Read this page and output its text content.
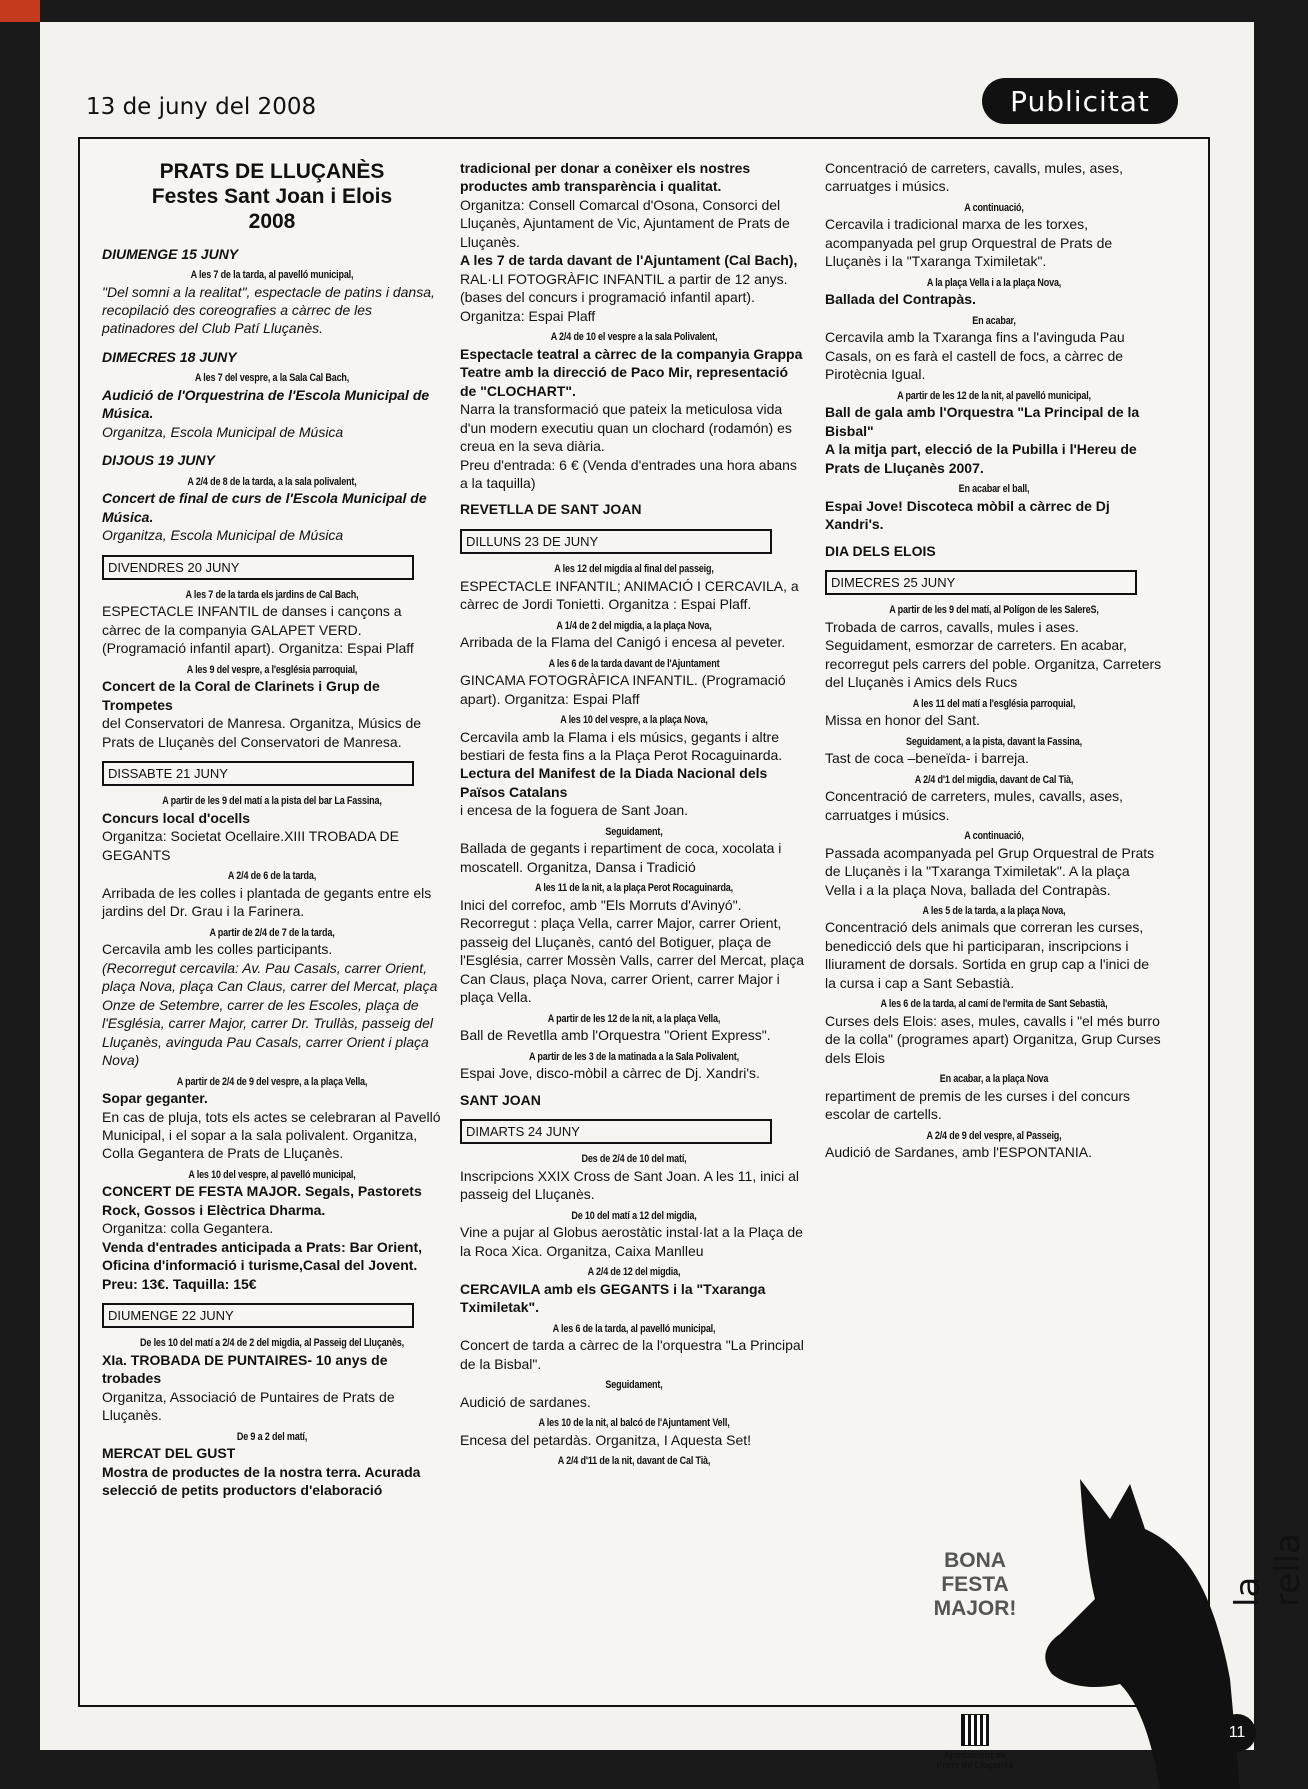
13 de juny del 2008	Publicitat

PRATS DE LLUÇANÈS
Festes Sant Joan i Elois
2008

DIUMENGE 15 JUNY

A les 7 de la tarda, al pavelló municipal,

"Del somni a la realitat", espectacle de patins i dansa, recopilació des coreografies a càrrec de les patinadores del Club Patí Lluçanès.

DIMECRES 18 JUNY

A les 7 del vespre, a la Sala Cal Bach,

Audició de l'Orquestrina de l'Escola Municipal de Música.

Organitza, Escola Municipal de Música

DIJOUS 19 JUNY

A 2/4 de 8 de la tarda, a la sala polivalent,

Concert de final de curs de l'Escola Municipal de Música.

Organitza, Escola Municipal de Música

DIVENDRES 20 JUNY

A les 7 de la tarda els jardins de Cal Bach,

ESPECTACLE INFANTIL de danses i cançons a càrrec de la companyia GALAPET VERD. (Programació infantil apart). Organitza: Espai Plaff

A les 9 del vespre, a l'església parroquial,

Concert de la Coral de Clarinets i Grup de Trompetes

del Conservatori de Manresa. Organitza, Músics de Prats de Lluçanès del Conservatori de Manresa.

DISSABTE 21 JUNY

A partir de les 9 del matí a la pista del bar La Fassina,

Concurs local d'ocells

Organitza: Societat Ocellaire.XIII TROBADA DE GEGANTS

A 2/4 de 6 de la tarda,

Arribada de les colles i plantada de gegants entre els jardins del Dr. Grau i la Farinera.

A partir de 2/4 de 7 de la tarda,

Cercavila amb les colles participants.

(Recorregut cercavila: Av. Pau Casals, carrer Orient, plaça Nova, plaça Can Claus, carrer del Mercat, plaça Onze de Setembre, carrer de les Escoles, plaça de l'Església, carrer Major, carrer Dr. Trullàs, passeig del Lluçanès, avinguda Pau Casals, carrer Orient i plaça Nova)

A partir de 2/4 de 9 del vespre, a la plaça Vella,

Sopar geganter.

En cas de pluja, tots els actes se celebraran al Pavelló Municipal, i el sopar a la sala polivalent. Organitza, Colla Gegantera de Prats de Lluçanès.

A les 10 del vespre, al pavelló municipal,

CONCERT DE FESTA MAJOR. Segals, Pastorets Rock, Gossos i Elèctrica Dharma.

Organitza: colla Gegantera.

Venda d'entrades anticipada a Prats: Bar Orient, Oficina d'informació i turisme,Casal del Jovent. Preu: 13€. Taquilla: 15€

DIUMENGE 22 JUNY

De les 10 del matí a 2/4 de 2 del migdia, al Passeig del Lluçanès,

XIa. TROBADA DE PUNTAIRES- 10 anys de trobades

Organitza, Associació de Puntaires de Prats de Lluçanès.

De 9 a 2 del matí,

MERCAT DEL GUST

Mostra de productes de la nostra terra. Acurada selecció de petits productors d'elaboració

tradicional per donar a conèixer els nostres productes amb transparència i qualitat.

Organitza: Consell Comarcal d'Osona, Consorci del Lluçanès, Ajuntament de Vic, Ajuntament de Prats de Lluçanès.

A les 7 de tarda davant de l'Ajuntament (Cal Bach),

RAL·LI FOTOGRÀFIC INFANTIL a partir de 12 anys. (bases del concurs i programació infantil apart). Organitza: Espai Plaff

A 2/4 de 10 el vespre a la sala Polivalent,

Espectacle teatral a càrrec de la companyia Grappa Teatre amb la direcció de Paco Mir, representació de "CLOCHART".

Narra la transformació que pateix la meticulosa vida d'un modern executiu quan un clochard (rodamón) es creua en la seva diària.

Preu d'entrada: 6 € (Venda d'entrades una hora abans a la taquilla)

REVETLLA DE SANT JOAN

DILLUNS 23 DE JUNY

A les 12 del migdia al final del passeig,

ESPECTACLE INFANTIL; ANIMACIÓ I CERCAVILA, a càrrec de Jordi Tonietti. Organitza : Espai Plaff.

A 1/4 de 2 del migdia, a la plaça Nova,

Arribada de la Flama del Canigó i encesa al peveter.

A les 6 de la tarda davant de l'Ajuntament

GINCAMA FOTOGRÀFICA INFANTIL. (Programació apart). Organitza: Espai Plaff

A les 10 del vespre, a la plaça Nova,

Cercavila amb la Flama i els músics, gegants i altre bestiari de festa fins a la Plaça Perot Rocaguinarda.

Lectura del Manifest de la Diada Nacional dels Països Catalans

i encesa de la foguera de Sant Joan.

Seguidament,

Ballada de gegants i repartiment de coca, xocolata i moscatell. Organitza, Dansa i Tradició

A les 11 de la nit, a la plaça Perot Rocaguinarda,

Inici del correfoc, amb "Els Morruts d'Avinyó". Recorregut : plaça Vella, carrer Major, carrer Orient, passeig del Lluçanès, cantó del Botiguer, plaça de l'Església, carrer Mossèn Valls, carrer del Mercat, plaça Can Claus, plaça Nova, carrer Orient, carrer Major i plaça Vella.

A partir de les 12 de la nit, a la plaça Vella,

Ball de Revetlla amb l'Orquestra "Orient Express".

A partir de les 3 de la matinada a la Sala Polivalent,

Espai Jove, disco-mòbil a càrrec de Dj. Xandri's.

SANT JOAN

DIMARTS 24 JUNY

Des de 2/4 de 10 del matí,

Inscripcions XXIX Cross de Sant Joan. A les 11, inici al passeig del Lluçanès.

De 10 del matí a 12 del migdia,

Vine a pujar al Globus aerostàtic instal·lat a la Plaça de la Roca Xica. Organitza, Caixa Manlleu

A 2/4 de 12 del migdia,

CERCAVILA amb els GEGANTS i la "Txaranga Tximiletak".

A les 6 de la tarda, al pavelló municipal,

Concert de tarda a càrrec de la l'orquestra "La Principal de la Bisbal".

Seguidament,

Audició de sardanes.

A les 10 de la nit, al balcó de l'Ajuntament Vell,

Encesa del petardàs. Organitza, I Aquesta Set!

A 2/4 d'11 de la nit, davant de Cal Tià,

Concentració de carreters, cavalls, mules, ases, carruatges i músics.

A continuació,

Cercavila i tradicional marxa de les torxes, acompanyada pel grup Orquestral de Prats de Lluçanès i la "Txaranga Tximiletak".

A la plaça Vella i a la plaça Nova,

Ballada del Contrapàs.

En acabar,

Cercavila amb la Txaranga fins a l'avinguda Pau Casals, on es farà el castell de focs, a càrrec de Pirotècnia Igual.

A partir de les 12 de la nit, al pavelló municipal,

Ball de gala amb l'Orquestra "La Principal de la Bisbal"

A la mitja part, elecció de la Pubilla i l'Hereu de Prats de Lluçanès 2007.

En acabar el ball,

Espai Jove! Discoteca mòbil a càrrec de Dj Xandri's.

DIA DELS ELOIS

DIMECRES 25 JUNY

A partir de les 9 del matí, al Polígon de les SalereS,

Trobada de carros, cavalls, mules i ases. Seguidament, esmorzar de carreters. En acabar, recorregut pels carrers del poble. Organitza, Carreters del Lluçanès i Amics dels Rucs

A les 11 del matí a l'església parroquial,

Missa en honor del Sant.

Seguidament, a la pista, davant la Fassina,

Tast de coca –beneïda- i barreja.

A 2/4 d'1 del migdia, davant de Cal Tià,

Concentració de carreters, mules, cavalls, ases, carruatges i músics.

A continuació,

Passada acompanyada pel Grup Orquestral de Prats de Lluçanès i la "Txaranga Tximiletak". A la plaça Vella i a la plaça Nova, ballada del Contrapàs.

A les 5 de la tarda, a la plaça Nova,

Concentració dels animals que correran les curses, benedicció dels que hi participaran, inscripcions i lliurament de dorsals. Sortida en grup cap a l'inici de la cursa i cap a Sant Sebastià.

A les 6 de la tarda, al camí de l'ermita de Sant Sebastià,

Curses dels Elois: ases, mules, cavalls i "el més burro de la colla" (programes apart) Organitza, Grup Curses dels Elois

En acabar, a la plaça Nova

repartiment de premis de les curses i del concurs escolar de cartells.

A 2/4 de 9 del vespre, al Passeig,

Audició de Sardanes, amb l'ESPONTANIA.

BONA
FESTA
MAJOR!
Ajuntament de
Prats de Lluçanès
la rella
11
